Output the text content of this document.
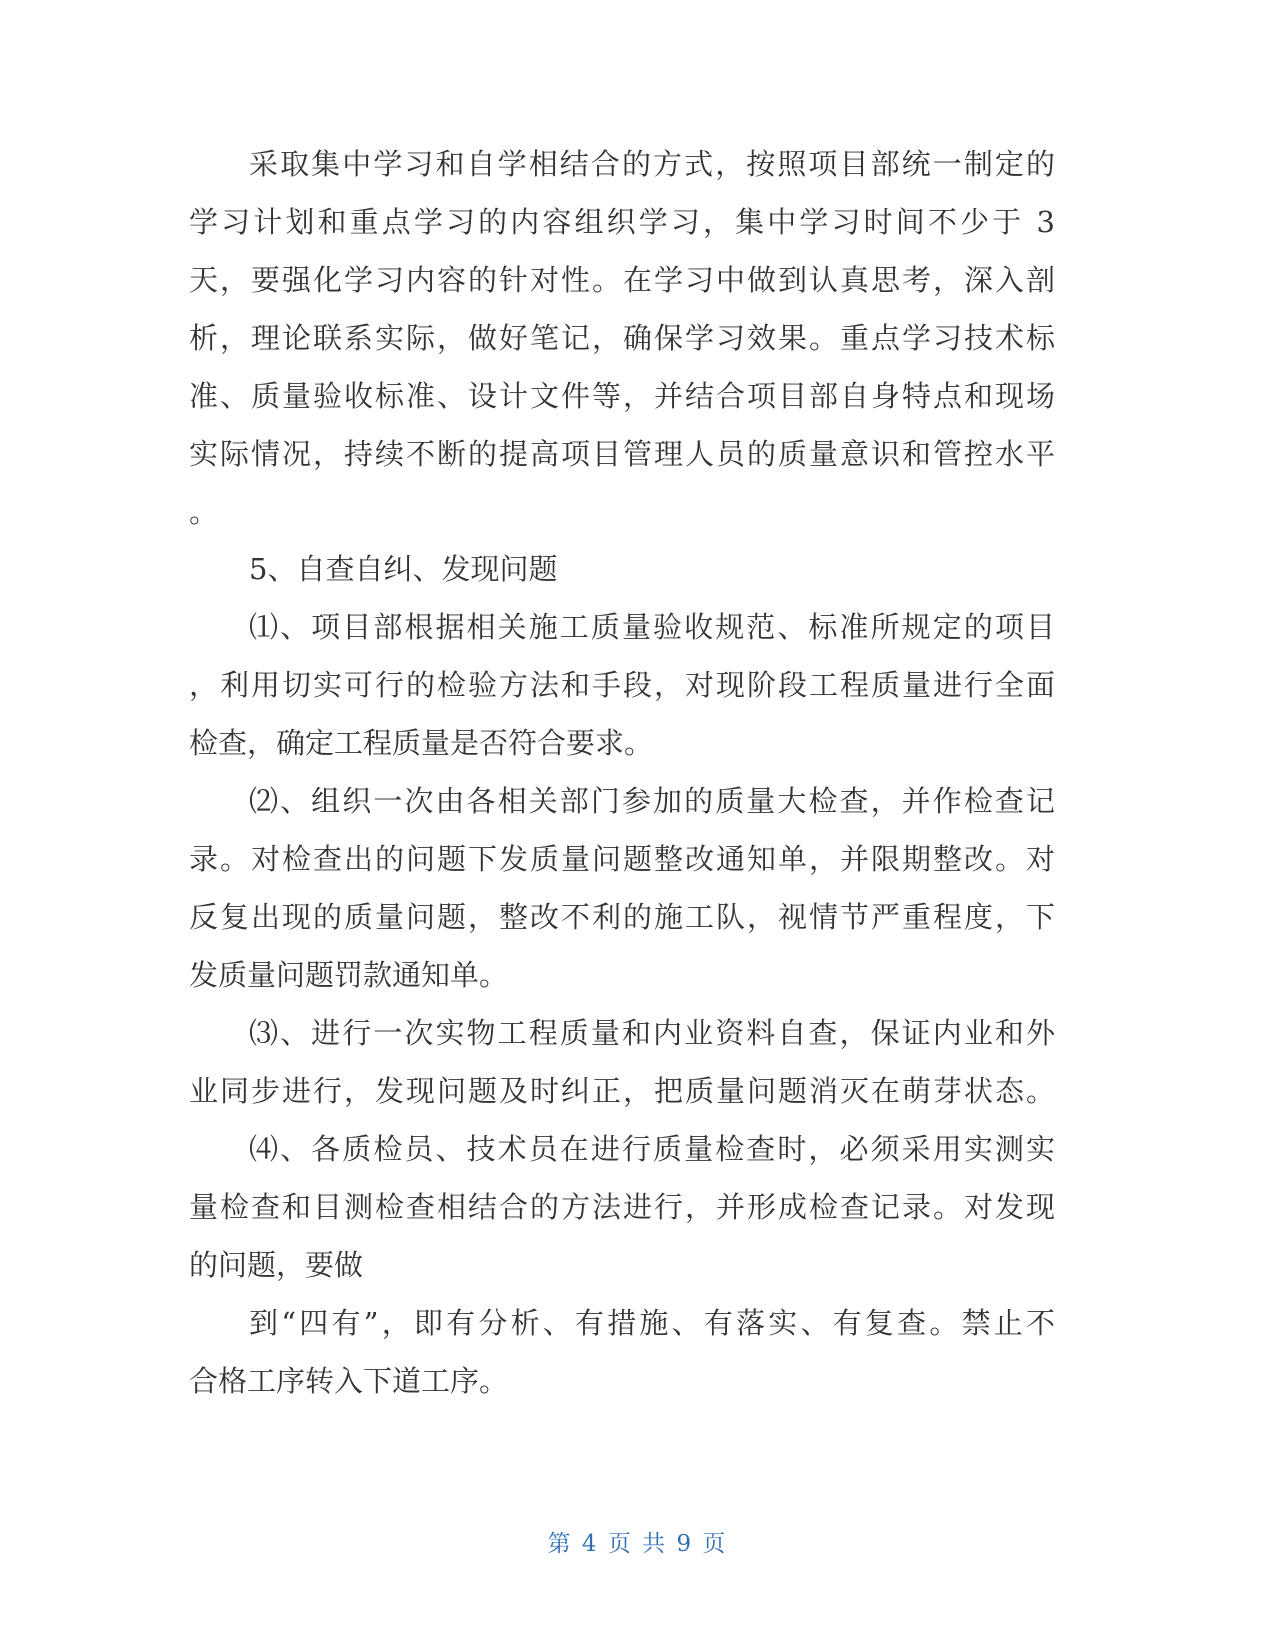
采取集中学习和自学相结合的方式，按照项目部统一制定的
学习计划和重点学习的内容组织学习，集中学习时间不少于 3
天，要强化学习内容的针对性。在学习中做到认真思考，深入剖
析，理论联系实际，做好笔记，确保学习效果。重点学习技术标
准、质量验收标准、设计文件等，并结合项目部自身特点和现场
实际情况，持续不断的提高项目管理人员的质量意识和管控水平
。
5、自查自纠、发现问题
⑴、项目部根据相关施工质量验收规范、标准所规定的项目
，利用切实可行的检验方法和手段，对现阶段工程质量进行全面
检查，确定工程质量是否符合要求。
⑵、组织一次由各相关部门参加的质量大检查，并作检查记
录。对检查出的问题下发质量问题整改通知单，并限期整改。对
反复出现的质量问题，整改不利的施工队，视情节严重程度，下
发质量问题罚款通知单。
⑶、进行一次实物工程质量和内业资料自查，保证内业和外
业同步进行，发现问题及时纠正，把质量问题消灭在萌芽状态。
⑷、各质检员、技术员在进行质量检查时，必须采用实测实
量检查和目测检查相结合的方法进行，并形成检查记录。对发现
的问题，要做
到“四有”，即有分析、有措施、有落实、有复查。禁止不
合格工序转入下道工序。
第 4 页 共 9 页
